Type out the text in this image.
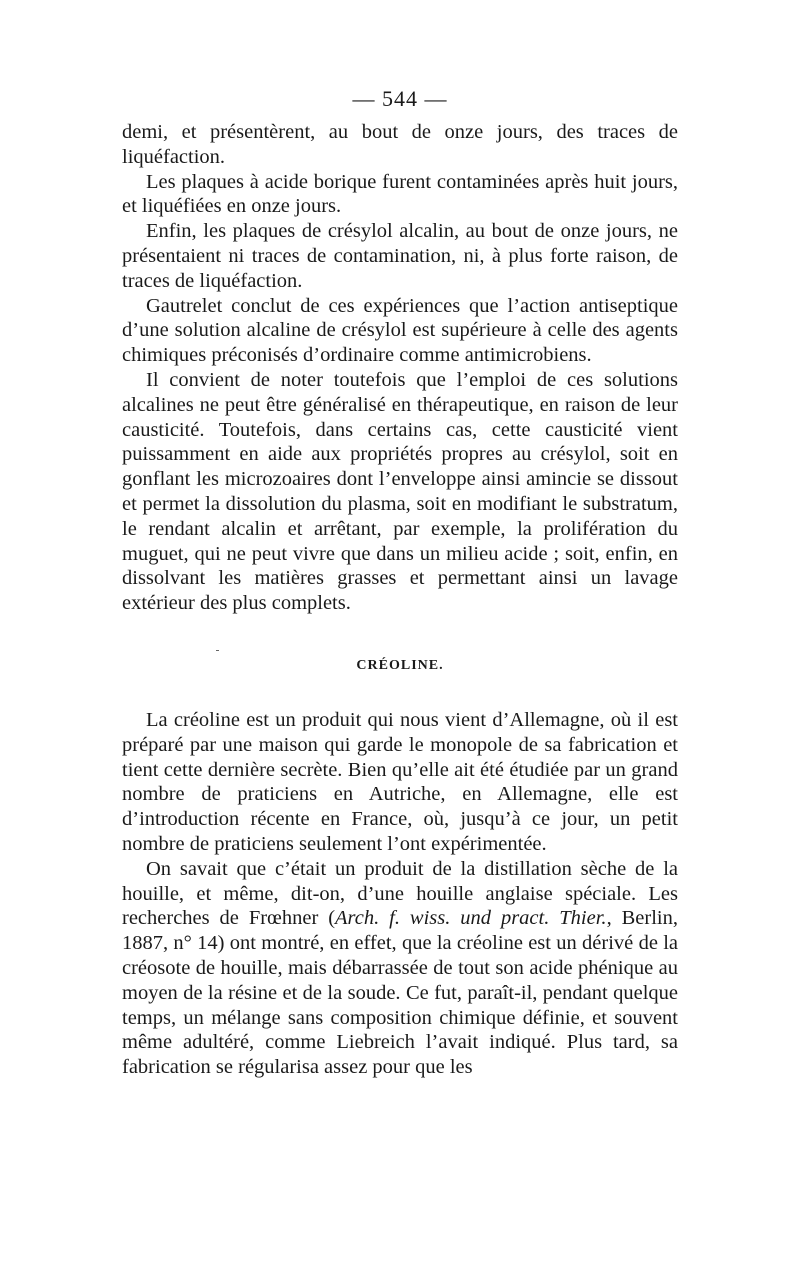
— 544 —

demi, et présentèrent, au bout de onze jours, des traces de liquéfaction.

Les plaques à acide borique furent contaminées après huit jours, et liquéfiées en onze jours.

Enfin, les plaques de crésylol alcalin, au bout de onze jours, ne présentaient ni traces de contamination, ni, à plus forte raison, de traces de liquéfaction.

Gautrelet conclut de ces expériences que l’action antiseptique d’une solution alcaline de crésylol est supérieure à celle des agents chimiques préconisés d’ordinaire comme antimicrobiens.

Il convient de noter toutefois que l’emploi de ces solutions alcalines ne peut être généralisé en thérapeutique, en raison de leur causticité. Toutefois, dans certains cas, cette causticité vient puissamment en aide aux propriétés propres au crésylol, soit en gonflant les microzoaires dont l’enveloppe ainsi amincie se dissout et permet la dissolution du plasma, soit en modifiant le substratum, le rendant alcalin et arrêtant, par exemple, la prolifération du muguet, qui ne peut vivre que dans un milieu acide ; soit, enfin, en dissolvant les matières grasses et permettant ainsi un lavage extérieur des plus complets.

CRÉOLINE.

La créoline est un produit qui nous vient d’Allemagne, où il est préparé par une maison qui garde le monopole de sa fabrication et tient cette dernière secrète. Bien qu’elle ait été étudiée par un grand nombre de praticiens en Autriche, en Allemagne, elle est d’introduction récente en France, où, jusqu’à ce jour, un petit nombre de praticiens seulement l’ont expérimentée.

On savait que c’était un produit de la distillation sèche de la houille, et même, dit-on, d’une houille anglaise spéciale. Les recherches de Frœhner (Arch. f. wiss. und pract. Thier., Berlin, 1887, n° 14) ont montré, en effet, que la créoline est un dérivé de la créosote de houille, mais débarrassée de tout son acide phénique au moyen de la résine et de la soude. Ce fut, paraît-il, pendant quelque temps, un mélange sans composition chimique définie, et souvent même adultéré, comme Liebreich l’avait indiqué. Plus tard, sa fabrication se régularisa assez pour que les
